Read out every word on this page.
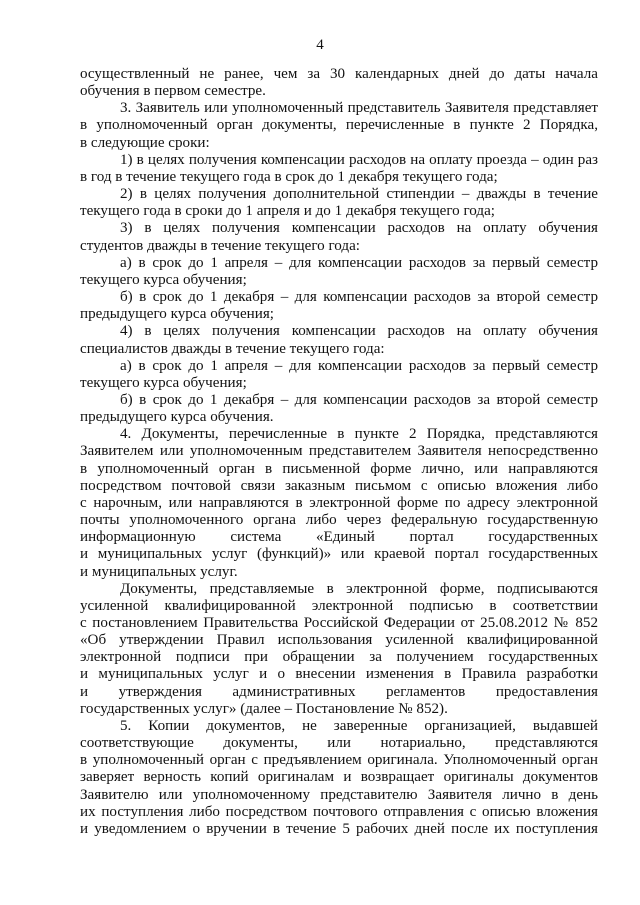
4
осуществленный не ранее, чем за 30 календарных дней до даты начала
обучения в первом семестре.
3. Заявитель или уполномоченный представитель Заявителя представляет
в уполномоченный орган документы, перечисленные в пункте 2 Порядка,
в следующие сроки:
1) в целях получения компенсации расходов на оплату проезда – один раз
в год в течение текущего года в срок до 1 декабря текущего года;
2) в целях получения дополнительной стипендии – дважды в течение
текущего года в сроки до 1 апреля и до 1 декабря текущего года;
3) в целях получения компенсации расходов на оплату обучения
студентов дважды в течение текущего года:
а) в срок до 1 апреля – для компенсации расходов за первый семестр
текущего курса обучения;
б) в срок до 1 декабря – для компенсации расходов за второй семестр
предыдущего курса обучения;
4) в целях получения компенсации расходов на оплату обучения
специалистов дважды в течение текущего года:
а) в срок до 1 апреля – для компенсации расходов за первый семестр
текущего курса обучения;
б) в срок до 1 декабря – для компенсации расходов за второй семестр
предыдущего курса обучения.
4. Документы, перечисленные в пункте 2 Порядка, представляются
Заявителем или уполномоченным представителем Заявителя непосредственно
в уполномоченный орган в письменной форме лично, или направляются
посредством почтовой связи заказным письмом с описью вложения либо
с нарочным, или направляются в электронной форме по адресу электронной
почты уполномоченного органа либо через федеральную государственную
информационную система «Единый портал государственных
и муниципальных услуг (функций)» или краевой портал государственных
и муниципальных услуг.
Документы, представляемые в электронной форме, подписываются
усиленной квалифицированной электронной подписью в соответствии
с постановлением Правительства Российской Федерации от 25.08.2012 № 852
«Об утверждении Правил использования усиленной квалифицированной
электронной подписи при обращении за получением государственных
и муниципальных услуг и о внесении изменения в Правила разработки
и утверждения административных регламентов предоставления
государственных услуг» (далее – Постановление № 852).
5. Копии документов, не заверенные организацией, выдавшей
соответствующие документы, или нотариально, представляются
в уполномоченный орган с предъявлением оригинала. Уполномоченный орган
заверяет верность копий оригиналам и возвращает оригиналы документов
Заявителю или уполномоченному представителю Заявителя лично в день
их поступления либо посредством почтового отправления с описью вложения
и уведомлением о вручении в течение 5 рабочих дней после их поступления
